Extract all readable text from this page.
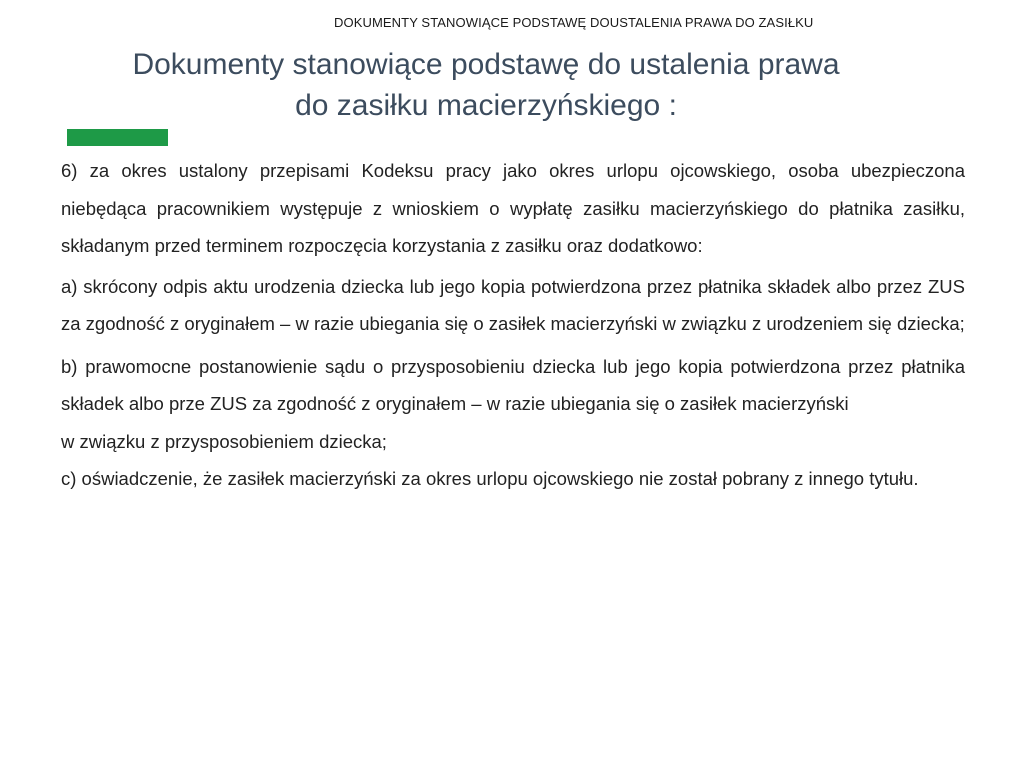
DOKUMENTY STANOWIĄCE PODSTAWĘ DOUSTALENIA PRAWA DO ZASIŁKU
Dokumenty stanowiące podstawę do ustalenia prawa
do zasiłku macierzyńskiego :

6) za okres ustalony przepisami Kodeksu pracy jako okres urlopu ojcowskiego, osoba ubezpieczona niebędąca pracownikiem występuje z wnioskiem o wypłatę zasiłku macierzyńskiego do płatnika zasiłku, składanym przed terminem rozpoczęcia korzystania z zasiłku oraz dodatkowo:

a) skrócony odpis aktu urodzenia dziecka lub jego kopia potwierdzona przez płatnika składek albo przez ZUS za zgodność z oryginałem – w razie ubiegania się o zasiłek macierzyński w związku z urodzeniem się dziecka;

b) prawomocne postanowienie sądu o przysposobieniu dziecka lub jego kopia potwierdzona przez płatnika składek albo prze ZUS za zgodność z oryginałem – w razie ubiegania się o zasiłek macierzyński

w związku z przysposobieniem dziecka;

c) oświadczenie, że zasiłek macierzyński za okres urlopu ojcowskiego nie został pobrany z innego tytułu.
